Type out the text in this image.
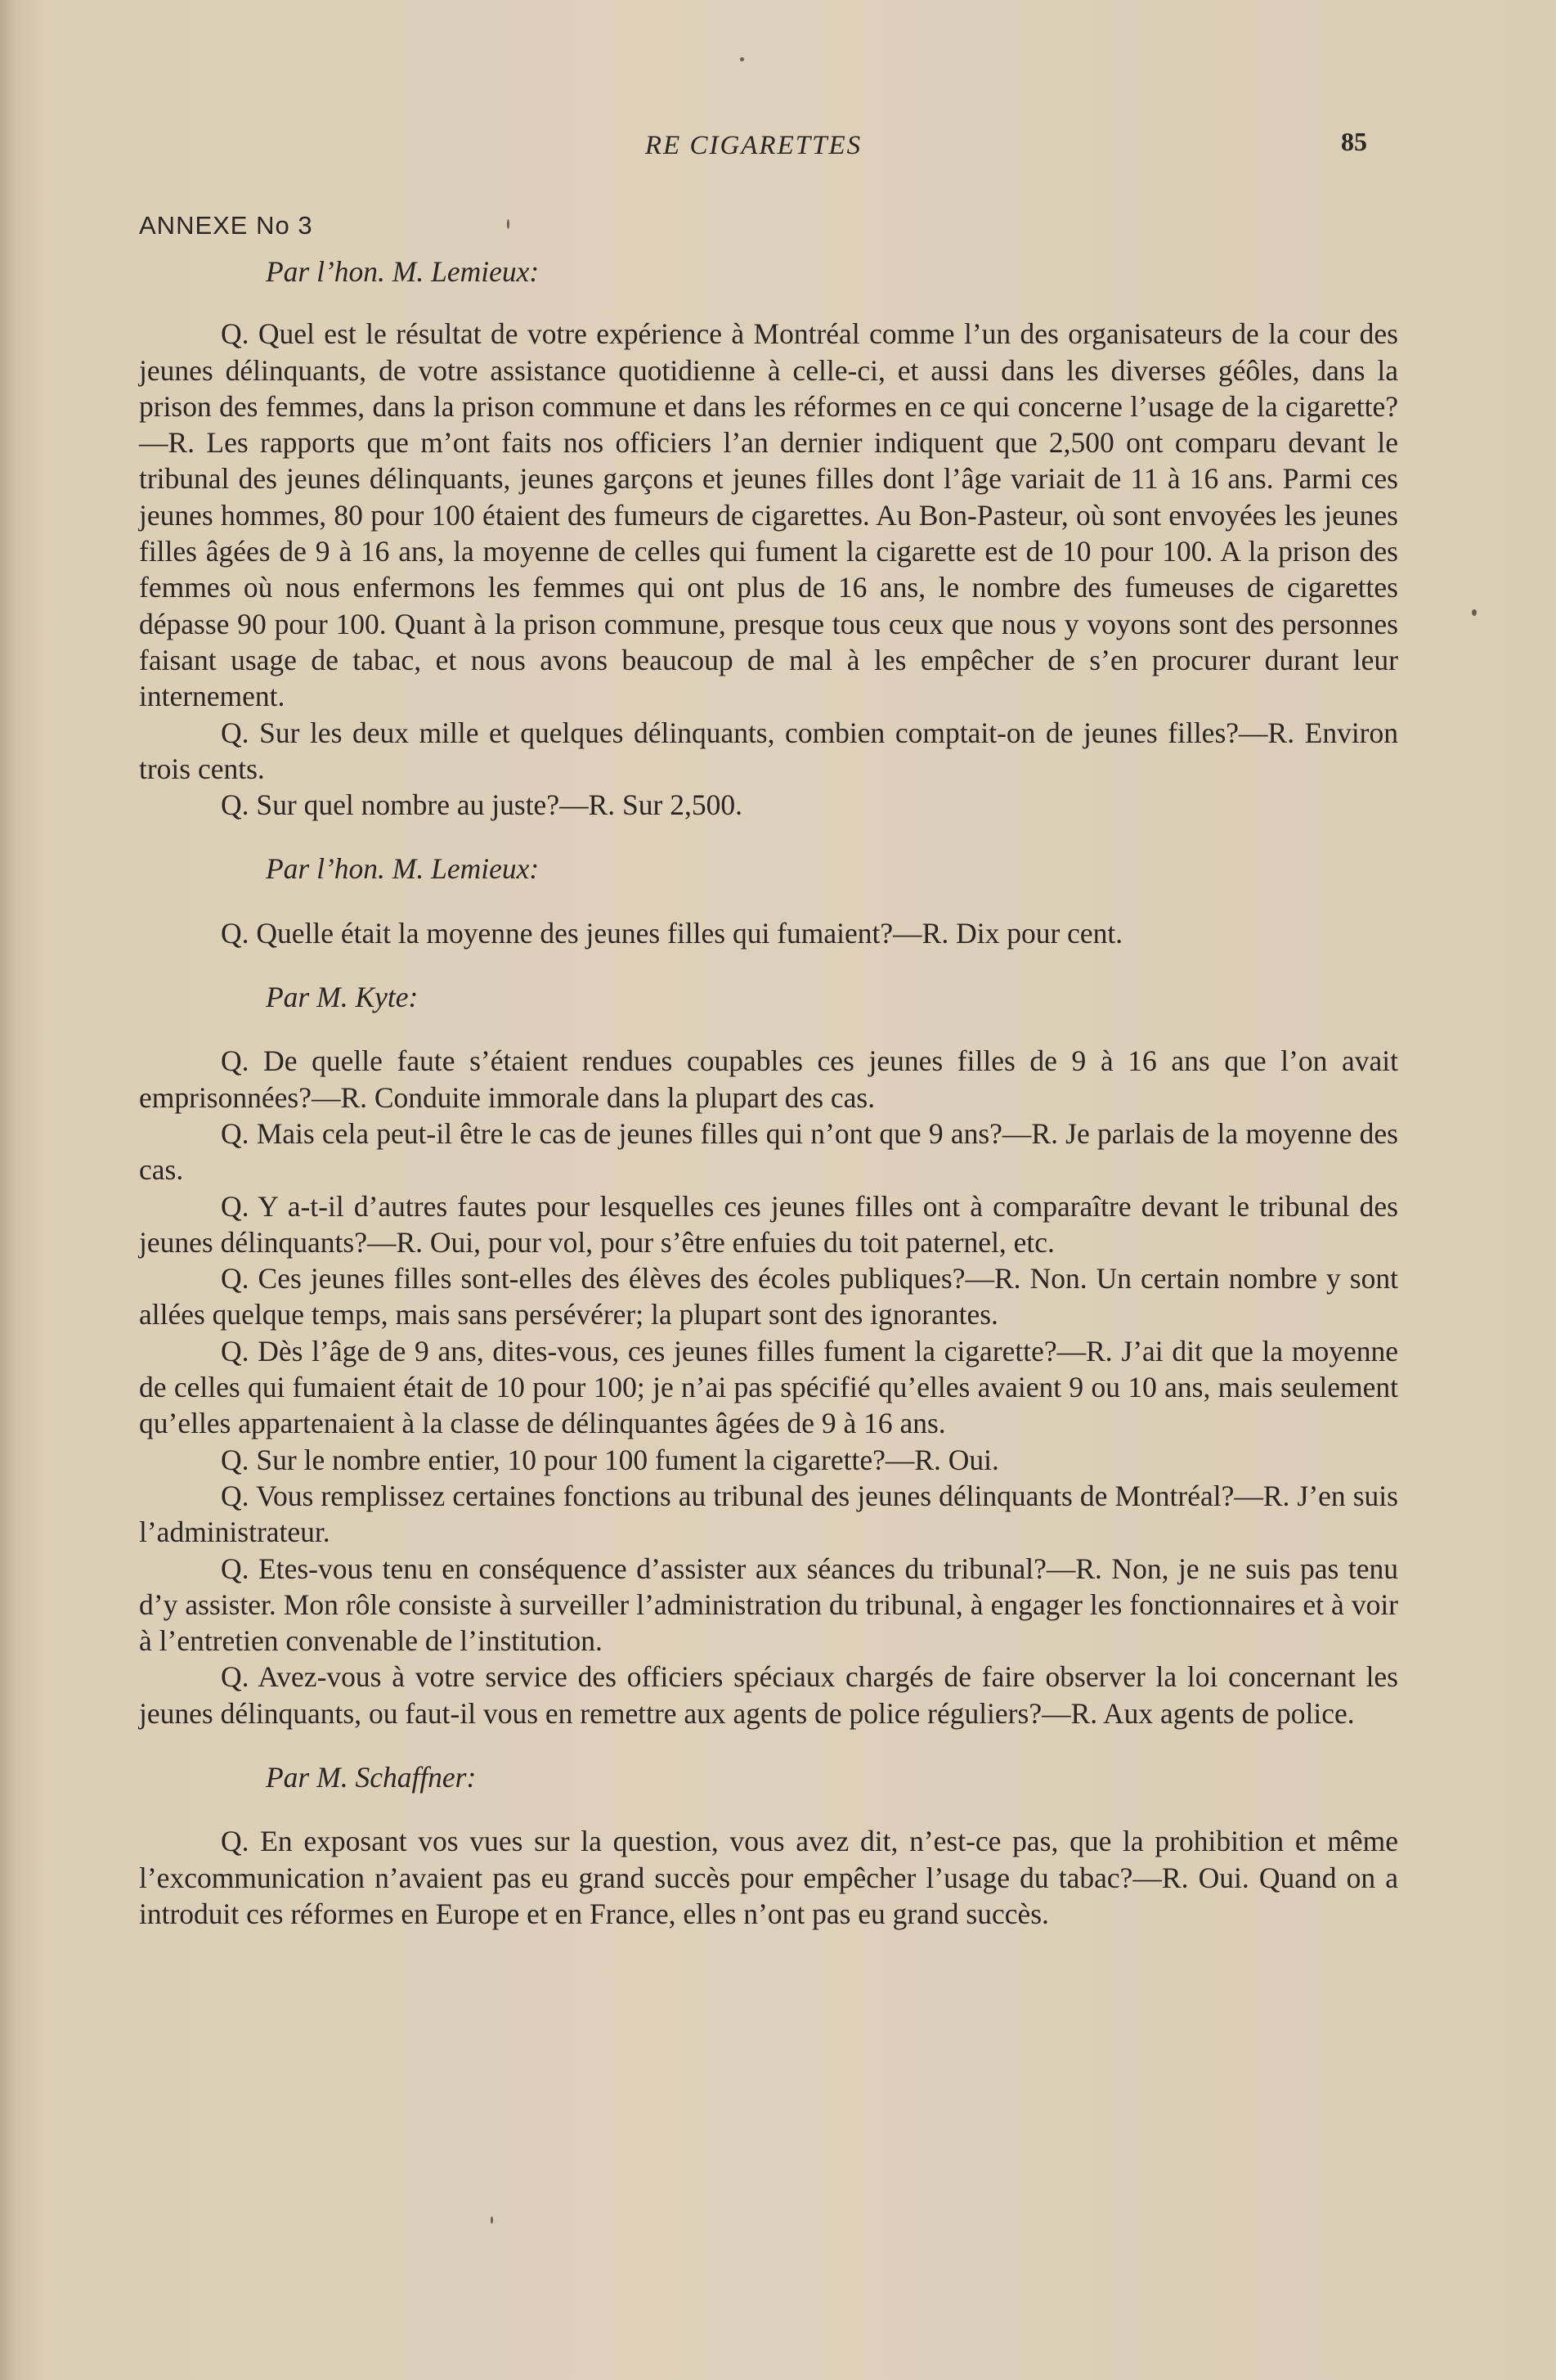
RE CIGARETTES	85
ANNEXE No 3

Par l’hon. M. Lemieux:

Q. Quel est le résultat de votre expérience à Montréal comme l’un des organisateurs de la cour des jeunes délinquants, de votre assistance quotidienne à celle-ci, et aussi dans les diverses géôles, dans la prison des femmes, dans la prison commune et dans les réformes en ce qui concerne l’usage de la cigarette?—R. Les rapports que m’ont faits nos officiers l’an dernier indiquent que 2,500 ont comparu devant le tribunal des jeunes délinquants, jeunes garçons et jeunes filles dont l’âge variait de 11 à 16 ans. Parmi ces jeunes hommes, 80 pour 100 étaient des fumeurs de cigarettes. Au Bon-Pasteur, où sont envoyées les jeunes filles âgées de 9 à 16 ans, la moyenne de celles qui fument la cigarette est de 10 pour 100. A la prison des femmes où nous enfermons les femmes qui ont plus de 16 ans, le nombre des fumeuses de cigarettes dépasse 90 pour 100. Quant à la prison commune, presque tous ceux que nous y voyons sont des personnes faisant usage de tabac, et nous avons beaucoup de mal à les empêcher de s’en procurer durant leur internement.

Q. Sur les deux mille et quelques délinquants, combien comptait-on de jeunes filles?—R. Environ trois cents.

Q. Sur quel nombre au juste?—R. Sur 2,500.

Par l’hon. M. Lemieux:

Q. Quelle était la moyenne des jeunes filles qui fumaient?—R. Dix pour cent.

Par M. Kyte:

Q. De quelle faute s’étaient rendues coupables ces jeunes filles de 9 à 16 ans que l’on avait emprisonnées?—R. Conduite immorale dans la plupart des cas.

Q. Mais cela peut-il être le cas de jeunes filles qui n’ont que 9 ans?—R. Je parlais de la moyenne des cas.

Q. Y a-t-il d’autres fautes pour lesquelles ces jeunes filles ont à comparaître devant le tribunal des jeunes délinquants?—R. Oui, pour vol, pour s’être enfuies du toit paternel, etc.

Q. Ces jeunes filles sont-elles des élèves des écoles publiques?—R. Non. Un certain nombre y sont allées quelque temps, mais sans persévérer; la plupart sont des ignorantes.

Q. Dès l’âge de 9 ans, dites-vous, ces jeunes filles fument la cigarette?—R. J’ai dit que la moyenne de celles qui fumaient était de 10 pour 100; je n’ai pas spécifié qu’elles avaient 9 ou 10 ans, mais seulement qu’elles appartenaient à la classe de délinquantes âgées de 9 à 16 ans.

Q. Sur le nombre entier, 10 pour 100 fument la cigarette?—R. Oui.

Q. Vous remplissez certaines fonctions au tribunal des jeunes délinquants de Montréal?—R. J’en suis l’administrateur.

Q. Etes-vous tenu en conséquence d’assister aux séances du tribunal?—R. Non, je ne suis pas tenu d’y assister. Mon rôle consiste à surveiller l’administration du tribunal, à engager les fonctionnaires et à voir à l’entretien convenable de l’institution.

Q. Avez-vous à votre service des officiers spéciaux chargés de faire observer la loi concernant les jeunes délinquants, ou faut-il vous en remettre aux agents de police réguliers?—R. Aux agents de police.

Par M. Schaffner:

Q. En exposant vos vues sur la question, vous avez dit, n’est-ce pas, que la prohibition et même l’excommunication n’avaient pas eu grand succès pour empêcher l’usage du tabac?—R. Oui. Quand on a introduit ces réformes en Europe et en France, elles n’ont pas eu grand succès.
